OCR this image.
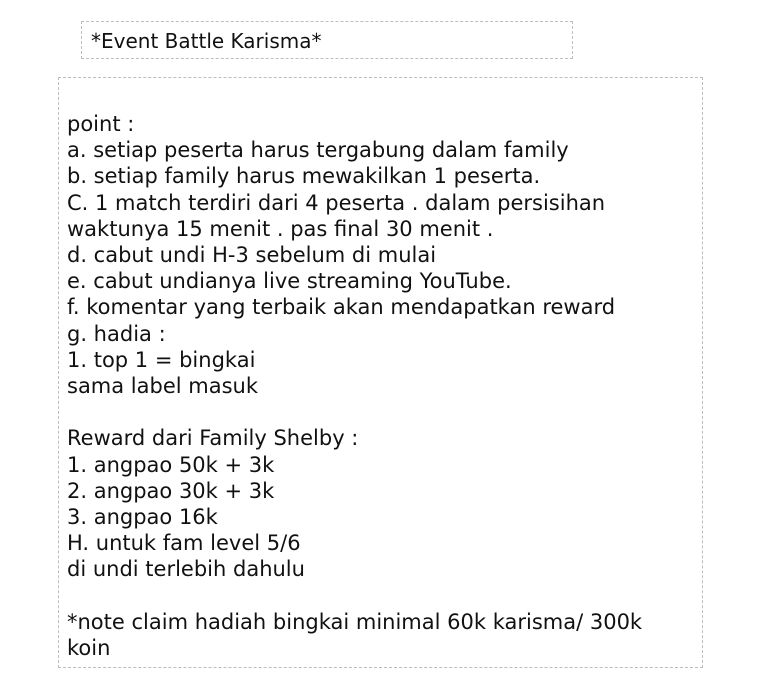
*Event Battle Karisma*
point :
a. setiap peserta harus tergabung dalam family
b. setiap family harus mewakilkan 1 peserta.
C. 1 match terdiri dari 4 peserta . dalam persisihan
waktunya 15 menit . pas final 30 menit .
d. cabut undi H-3 sebelum di mulai
e. cabut undianya live streaming YouTube.
f. komentar yang terbaik akan mendapatkan reward
g. hadia :
1. top 1 = bingkai
sama label masuk
Reward dari Family Shelby :
1. angpao 50k + 3k
2. angpao 30k + 3k
3. angpao 16k
H. untuk fam level 5/6
di undi terlebih dahulu
*note claim hadiah bingkai minimal 60k karisma/ 300k
koin
